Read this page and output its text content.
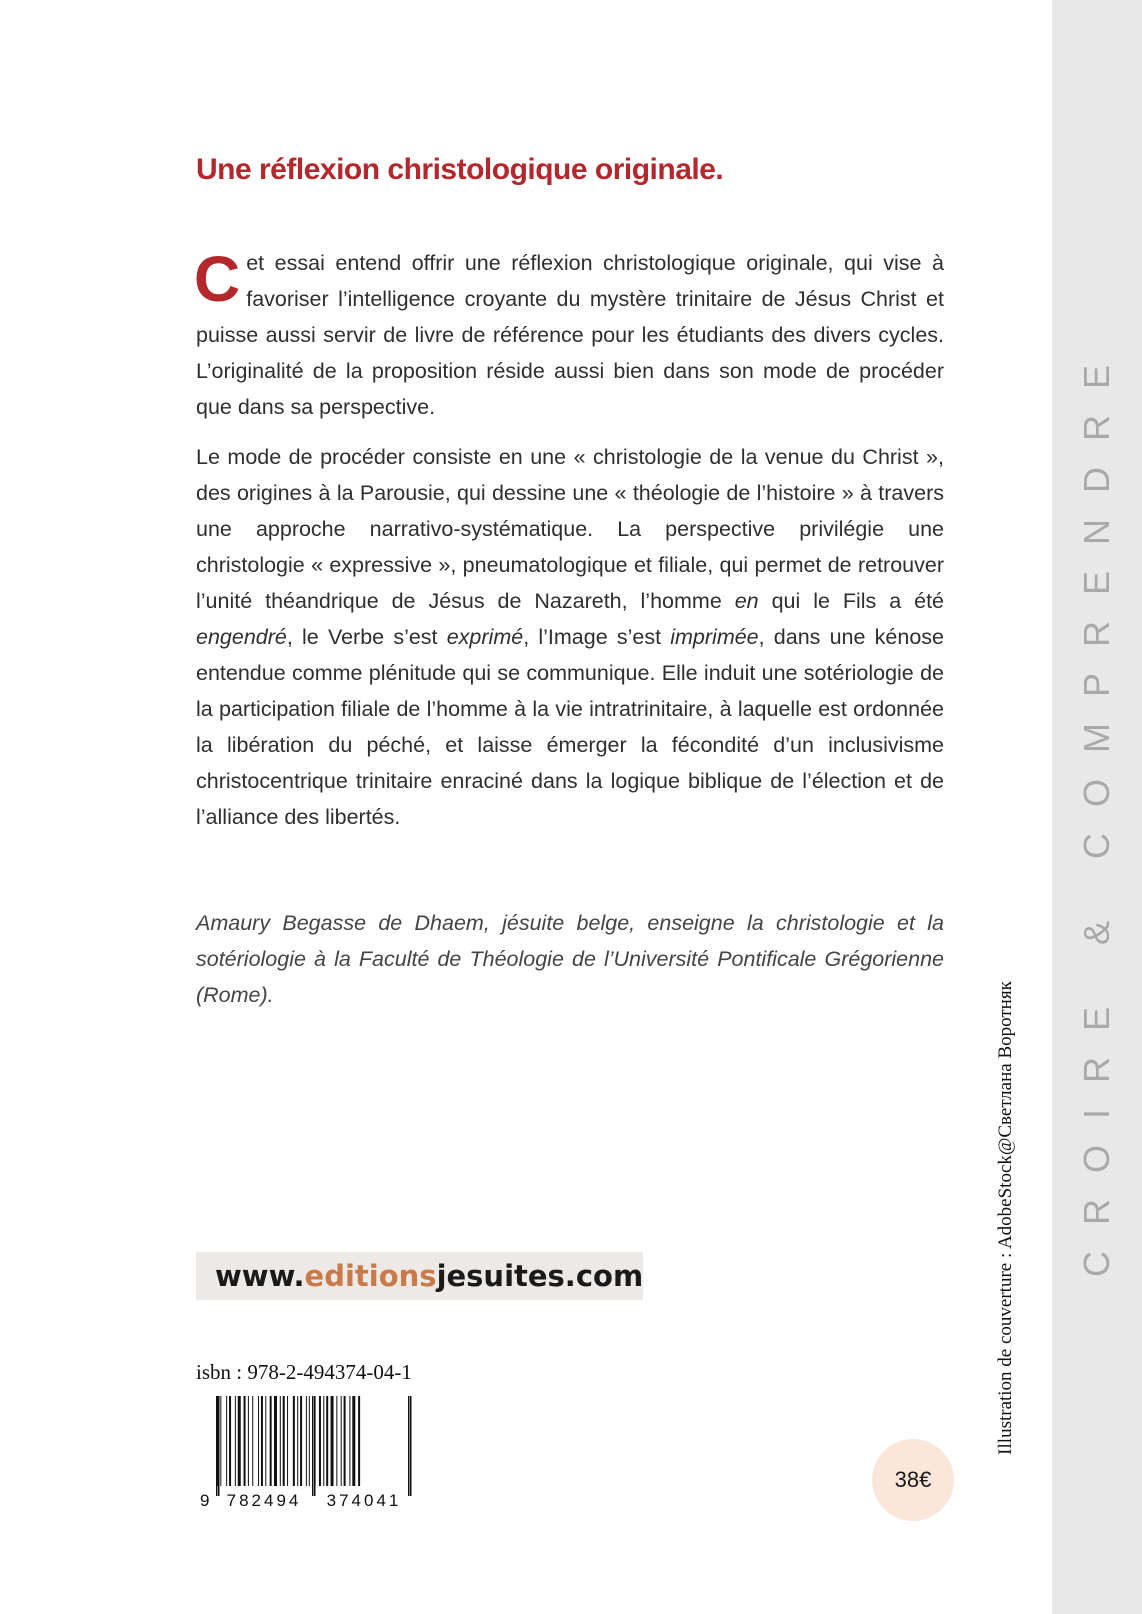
CROIRE & COMPRENDRE
Illustration de couverture : AdobeStock@Светлана Воротняк
Une réflexion christologique originale.

Cet essai entend offrir une réflexion christologique originale, qui vise à favoriser l’intelligence croyante du mystère trinitaire de Jésus Christ et puisse aussi servir de livre de référence pour les étudiants des divers cycles. L’originalité de la proposition réside aussi bien dans son mode de procéder que dans sa perspective.

Le mode de procéder consiste en une « christologie de la venue du Christ », des origines à la Parousie, qui dessine une « théologie de l’histoire » à travers une approche narrativo-systématique. La perspective privilégie une christologie « expressive », pneumatologique et filiale, qui permet de retrouver l’unité théandrique de Jésus de Nazareth, l’homme en qui le Fils a été engendré, le Verbe s’est exprimé, l’Image s’est imprimée, dans une kénose entendue comme plénitude qui se communique. Elle induit une sotériologie de la participation filiale de l’homme à la vie intratrinitaire, à laquelle est ordonnée la libération du péché, et laisse émerger la fécondité d’un inclusivisme christocentrique trinitaire enraciné dans la logique biblique de l’élection et de l’alliance des libertés.

Amaury Begasse de Dhaem, jésuite belge, enseigne la christologie et la sotériologie à la Faculté de Théologie de l’Université Pontificale Grégorienne (Rome).

www.editionsjesuites.com
isbn : 978-2-494374-04-1
9 782494 374041
38€
